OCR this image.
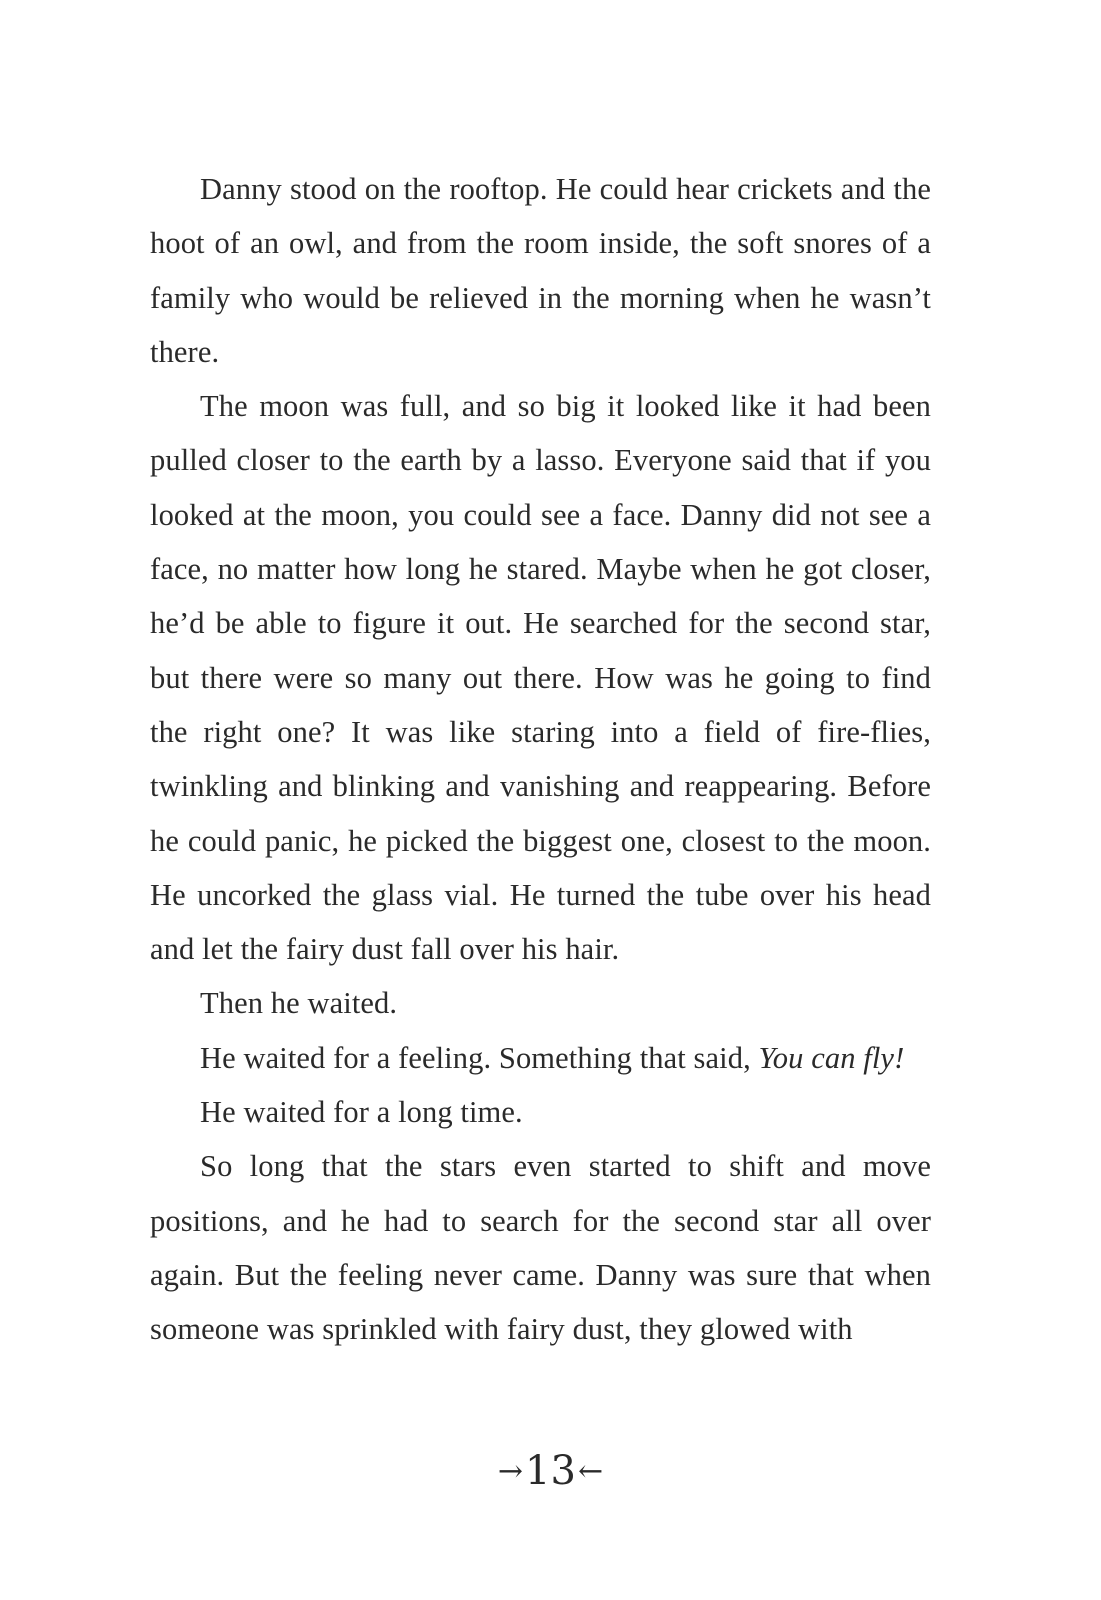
Danny stood on the rooftop. He could hear crickets and the hoot of an owl, and from the room inside, the soft snores of a family who would be relieved in the morning when he wasn’t there.

The moon was full, and so big it looked like it had been pulled closer to the earth by a lasso. Everyone said that if you looked at the moon, you could see a face. Danny did not see a face, no matter how long he stared. Maybe when he got closer, he’d be able to figure it out. He searched for the second star, but there were so many out there. How was he going to find the right one? It was like staring into a field of fire-flies, twinkling and blinking and vanishing and reappearing. Before he could panic, he picked the biggest one, closest to the moon. He uncorked the glass vial. He turned the tube over his head and let the fairy dust fall over his hair.

Then he waited.

He waited for a feeling. Something that said, You can fly!

He waited for a long time.

So long that the stars even started to shift and move positions, and he had to search for the second star all over again. But the feeling never came. Danny was sure that when someone was sprinkled with fairy dust, they glowed with

→13←
